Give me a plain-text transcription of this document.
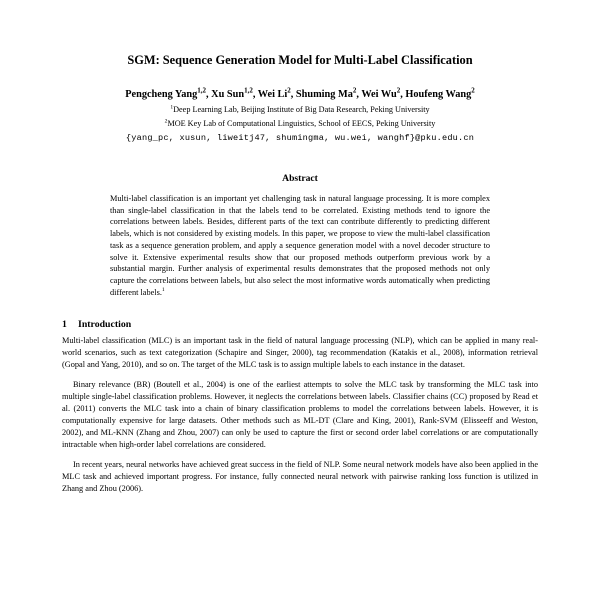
SGM: Sequence Generation Model for Multi-Label Classification
Pengcheng Yang$^{1,2}$, Xu Sun$^{1,2}$, Wei Li$^2$, Shuming Ma$^2$, Wei Wu$^2$, Houfeng Wang$^2$
$^1$Deep Learning Lab, Beijing Institute of Big Data Research, Peking University
$^2$MOE Key Lab of Computational Linguistics, School of EECS, Peking University
{yang_pc, xusun, liweitj47, shumingma, wu.wei, wanghf}@pku.edu.cn
Abstract
Multi-label classification is an important yet challenging task in natural language processing. It is more complex than single-label classification in that the labels tend to be correlated. Existing methods tend to ignore the correlations between labels. Besides, different parts of the text can contribute differently to predicting different labels, which is not considered by existing models. In this paper, we propose to view the multi-label classification task as a sequence generation problem, and apply a sequence generation model with a novel decoder structure to solve it. Extensive experimental results show that our proposed methods outperform previous work by a substantial margin. Further analysis of experimental results demonstrates that the proposed methods not only capture the correlations between labels, but also select the most informative words automatically when predicting different labels.$^1$
1 Introduction

Multi-label classification (MLC) is an important task in the field of natural language processing (NLP), which can be applied in many real-world scenarios, such as text categorization (Schapire and Singer, 2000), tag recommendation (Katakis et al., 2008), information retrieval (Gopal and Yang, 2010), and so on. The target of the MLC task is to assign multiple labels to each instance in the dataset.

Binary relevance (BR) (Boutell et al., 2004) is one of the earliest attempts to solve the MLC task by transforming the MLC task into multiple single-label classification problems. However, it neglects the correlations between labels. Classifier chains (CC) proposed by Read et al. (2011) converts the MLC task into a chain of binary classification problems to model the correlations between labels. However, it is computationally expensive for large datasets. Other methods such as ML-DT (Clare and King, 2001), Rank-SVM (Elisseeff and Weston, 2002), and ML-KNN (Zhang and Zhou, 2007) can only be used to capture the first or second order label correlations or are computationally intractable when high-order label correlations are considered.

In recent years, neural networks have achieved great success in the field of NLP. Some neural network models have also been applied in the MLC task and achieved important progress. For instance, fully connected neural network with pairwise ranking loss function is utilized in Zhang and Zhou (2006).
